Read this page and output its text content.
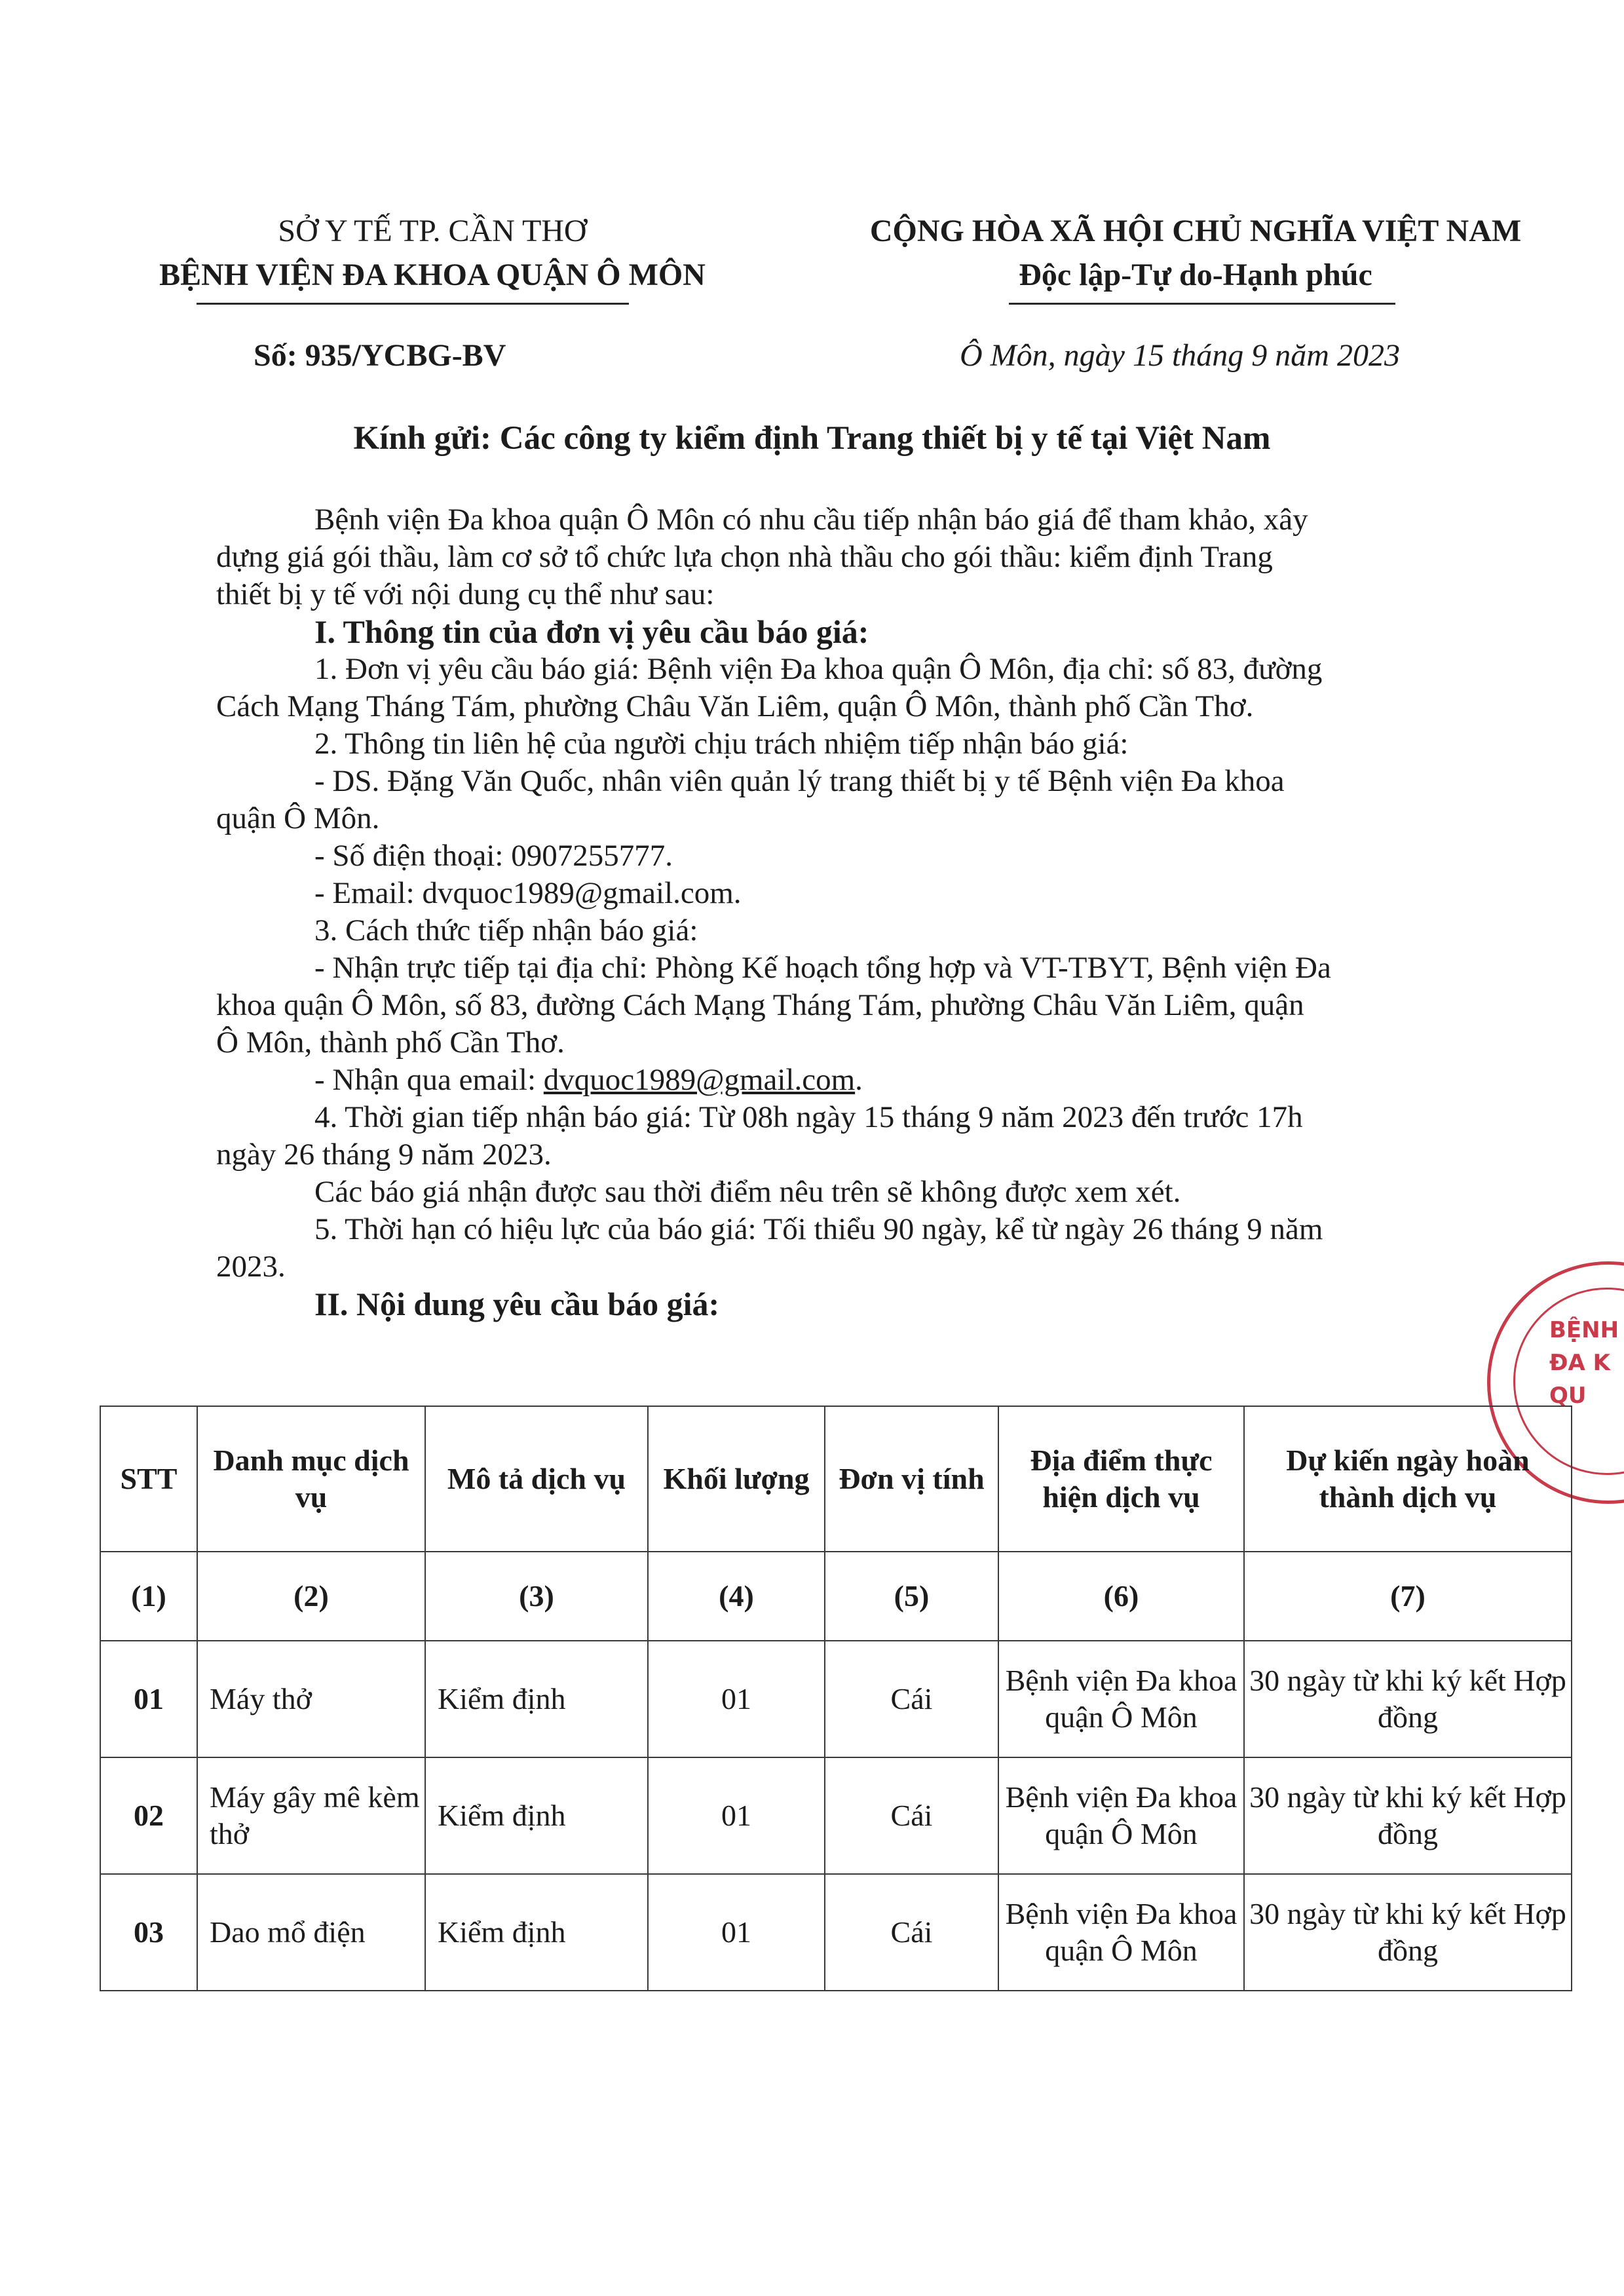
SỞ Y TẾ TP. CẦN THƠ
BỆNH VIỆN ĐA KHOA QUẬN Ô MÔN
CỘNG HÒA XÃ HỘI CHỦ NGHĨA VIỆT NAM
Độc lập-Tự do-Hạnh phúc
Số: 935/YCBG-BV	Ô Môn, ngày 15 tháng 9 năm 2023
Kính gửi: Các công ty kiểm định Trang thiết bị y tế tại Việt Nam

Bệnh viện Đa khoa quận Ô Môn có nhu cầu tiếp nhận báo giá để tham khảo, xây

dựng giá gói thầu, làm cơ sở tổ chức lựa chọn nhà thầu cho gói thầu: kiểm định Trang

thiết bị y tế với nội dung cụ thể như sau:

I. Thông tin của đơn vị yêu cầu báo giá:

1. Đơn vị yêu cầu báo giá: Bệnh viện Đa khoa quận Ô Môn, địa chỉ: số 83, đường

Cách Mạng Tháng Tám, phường Châu Văn Liêm, quận Ô Môn, thành phố Cần Thơ.

2. Thông tin liên hệ của người chịu trách nhiệm tiếp nhận báo giá:

- DS. Đặng Văn Quốc, nhân viên quản lý trang thiết bị y tế Bệnh viện Đa khoa

quận Ô Môn.

- Số điện thoại: 0907255777.

- Email: dvquoc1989@gmail.com.

3. Cách thức tiếp nhận báo giá:

- Nhận trực tiếp tại địa chỉ: Phòng Kế hoạch tổng hợp và VT-TBYT, Bệnh viện Đa

khoa quận Ô Môn, số 83, đường Cách Mạng Tháng Tám, phường Châu Văn Liêm, quận

Ô Môn, thành phố Cần Thơ.

- Nhận qua email: dvquoc1989@gmail.com.

4. Thời gian tiếp nhận báo giá: Từ 08h ngày 15 tháng 9 năm 2023 đến trước 17h

ngày 26 tháng 9 năm 2023.

Các báo giá nhận được sau thời điểm nêu trên sẽ không được xem xét.

5. Thời hạn có hiệu lực của báo giá: Tối thiểu 90 ngày, kể từ ngày 26 tháng 9 năm

2023.

II. Nội dung yêu cầu báo giá:

BỆNH
ĐA K
QU
STT	Danh mục dịch vụ	Mô tả dịch vụ	Khối lượng	Đơn vị tính	Địa điểm thực hiện dịch vụ	Dự kiến ngày hoàn thành dịch vụ
(1)	(2)	(3)	(4)	(5)	(6)	(7)
01	Máy thở	Kiểm định	01	Cái	Bệnh viện Đa khoa quận Ô Môn	30 ngày từ khi ký kết Hợp đồng
02	Máy gây mê kèm thở	Kiểm định	01	Cái	Bệnh viện Đa khoa quận Ô Môn	30 ngày từ khi ký kết Hợp đồng
03	Dao mổ điện	Kiểm định	01	Cái	Bệnh viện Đa khoa quận Ô Môn	30 ngày từ khi ký kết Hợp đồng
